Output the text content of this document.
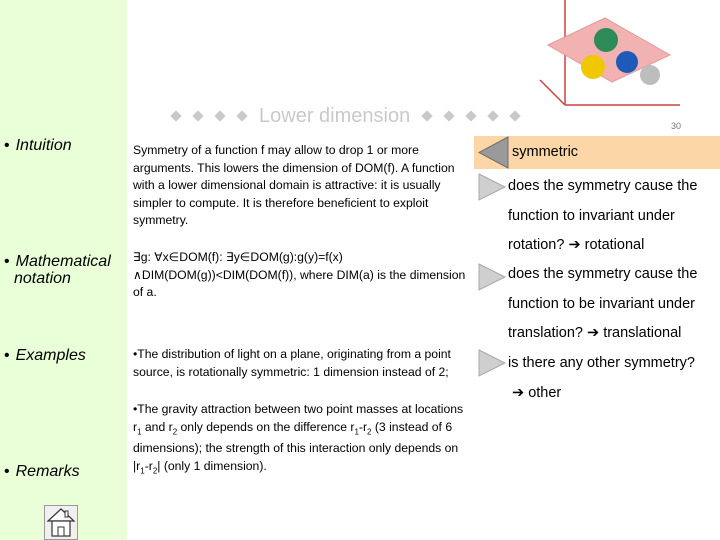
Lower dimension	30
• Intuition
• Mathematical
notation
• Examples
• Remarks
Symmetry of a function f may allow to drop 1 or more arguments. This lowers the dimension of DOM(f). A function with a lower dimensional domain is attractive: it is usually simpler to compute. It is therefore beneficient to exploit symmetry.
∃g: ∀x∈DOM(f): ∃y∈DOM(g):g(y)=f(x)
∧DIM(DOM(g))<DIM(DOM(f)), where DIM(a) is the dimension of a.
•The distribution of light on a plane, originating from a point source, is rotationally symmetric: 1 dimension instead of 2;
•The gravity attraction between two point masses at locations $r_1$ and $r_2$ only depends on the difference $r_1-r_2$ (3 instead of 6 dimensions); the strength of this interaction only depends on $|r_1-r_2|$ (only 1 dimension).
symmetric
does the symmetry cause the
function to invariant under
rotation? ➔ rotational
does the symmetry cause the
function to be invariant under
translation? ➔ translational
is there any other symmetry?
➔ other
